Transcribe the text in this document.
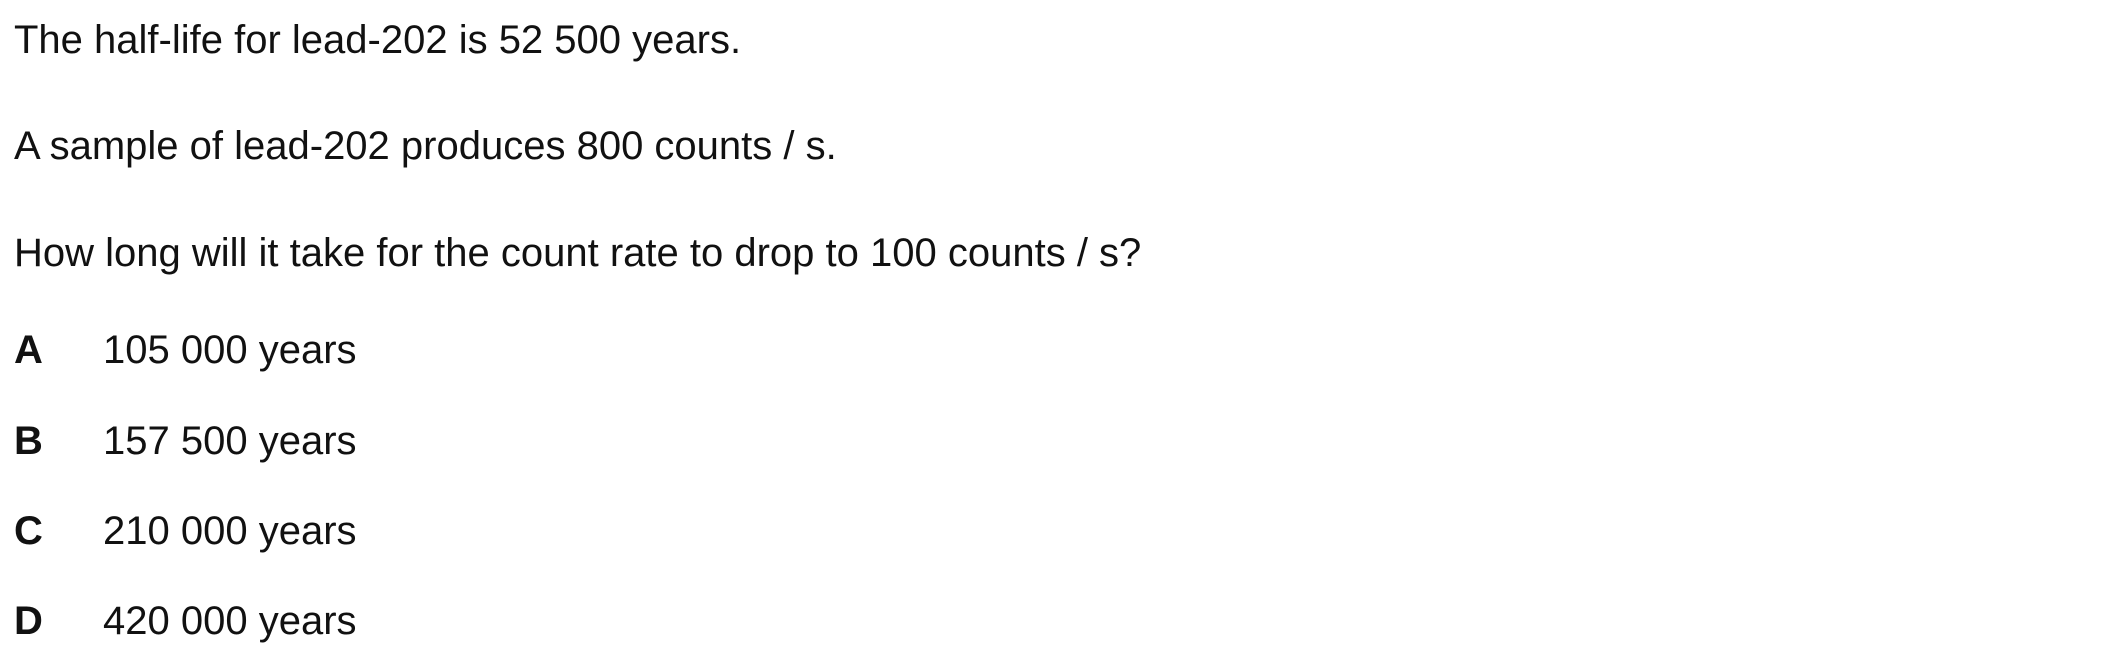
The half-life for lead-202 is 52 500 years.
A sample of lead-202 produces 800 counts / s.
How long will it take for the count rate to drop to 100 counts / s?
A	105 000 years
B	157 500 years
C	210 000 years
D	420 000 years
